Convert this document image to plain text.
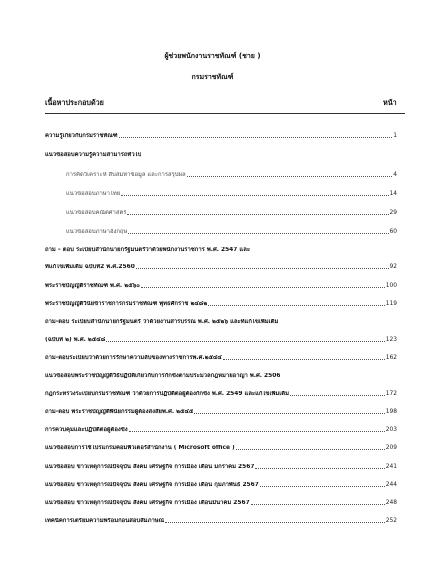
ผู้ช่วยพนักงานราชทัณฑ์ (ชาย )
กรมราชทัณฑ์
เนื้อหาประกอบด้วย	หน้า
ความรู้เกี่ยวกับกรมราชทัณฑ์	1
แนวข้อสอบความรู้ความสามารถทั่วไป
การคิดวิเคราะห์ สืบสมหาข้อมูล และการสรุปผล	4
แนวข้อสอบภาษาไทย	14
แนวข้อสอบคณิตศาสตร์	29
แนวข้อสอบภาษาอังกฤษ	60
ถาม – ตอบ ระเบียบสำนักนายกรัฐมนตรีว่าด้วยพนักงานราชการ พ.ศ. 2547 และ
ที่แก้ไขเพิ่มเติม ฉบับที่2 พ.ศ.2560	92
พระราชบัญญัติราชทัณฑ์ พ.ศ. ๒๕๖๐	100
พระราชบัญญัติวินัยข้าราชการกรมราชทัณฑ์ พุทธศักราช ๒๔๘๒	119
ถาม-ตอบ ระเบียบสำนักนายกรัฐมนตรี ว่าด้วยงานสารบรรณ พ.ศ. ๒๕๒๖ และที่แก้ไขเพิ่มเติม
(ฉบับที่ ๒) พ.ศ. ๒๕๔๘	123
ถาม-ตอบระเบียบว่าด้วยการรักษาความลับของทางราชการพ.ศ.๒๕๔๔	162
แนวข้อสอบพระราชบัญญัติวิธีปฏิบัติเกี่ยวกับการกักขังตามประมวลกฎหมายอาญา พ.ศ. 2506
กฎกระทรวงระเบียบกรมราชทัณฑ์ ว่าด้วยการปฏิบัติต่อผู้ต้องกักขัง พ.ศ. 2549 และแก้ไขเพิ่มเติม	172
ถาม-ตอบ พระราชบัญญัติพินัยกรรมผู้ต้องสงสัยพ.ศ. ๒๕๔๕	198
การควบคุมและปฏิบัติต่อผู้ต้องขัง	203
แนวข้อสอบการใช้โปรแกรมคอมพิวเตอร์สำนักงาน ( Microsoft office )	209
แนวข้อสอบ ข่าวเหตุการณ์ปัจจุบัน สังคม เศรษฐกิจ การเมือง เดือน มกราคม 2567	241
แนวข้อสอบ ข่าวเหตุการณ์ปัจจุบัน สังคม เศรษฐกิจ การเมือง เดือน กุมภาพันธ์ 2567	244
แนวข้อสอบ ข่าวเหตุการณ์ปัจจุบัน สังคม เศรษฐกิจ การเมือง เดือนมีนาคม 2567	248
เทคนิคการเตรียมความพร้อมก่อนสอบสัมภาษณ์	252
